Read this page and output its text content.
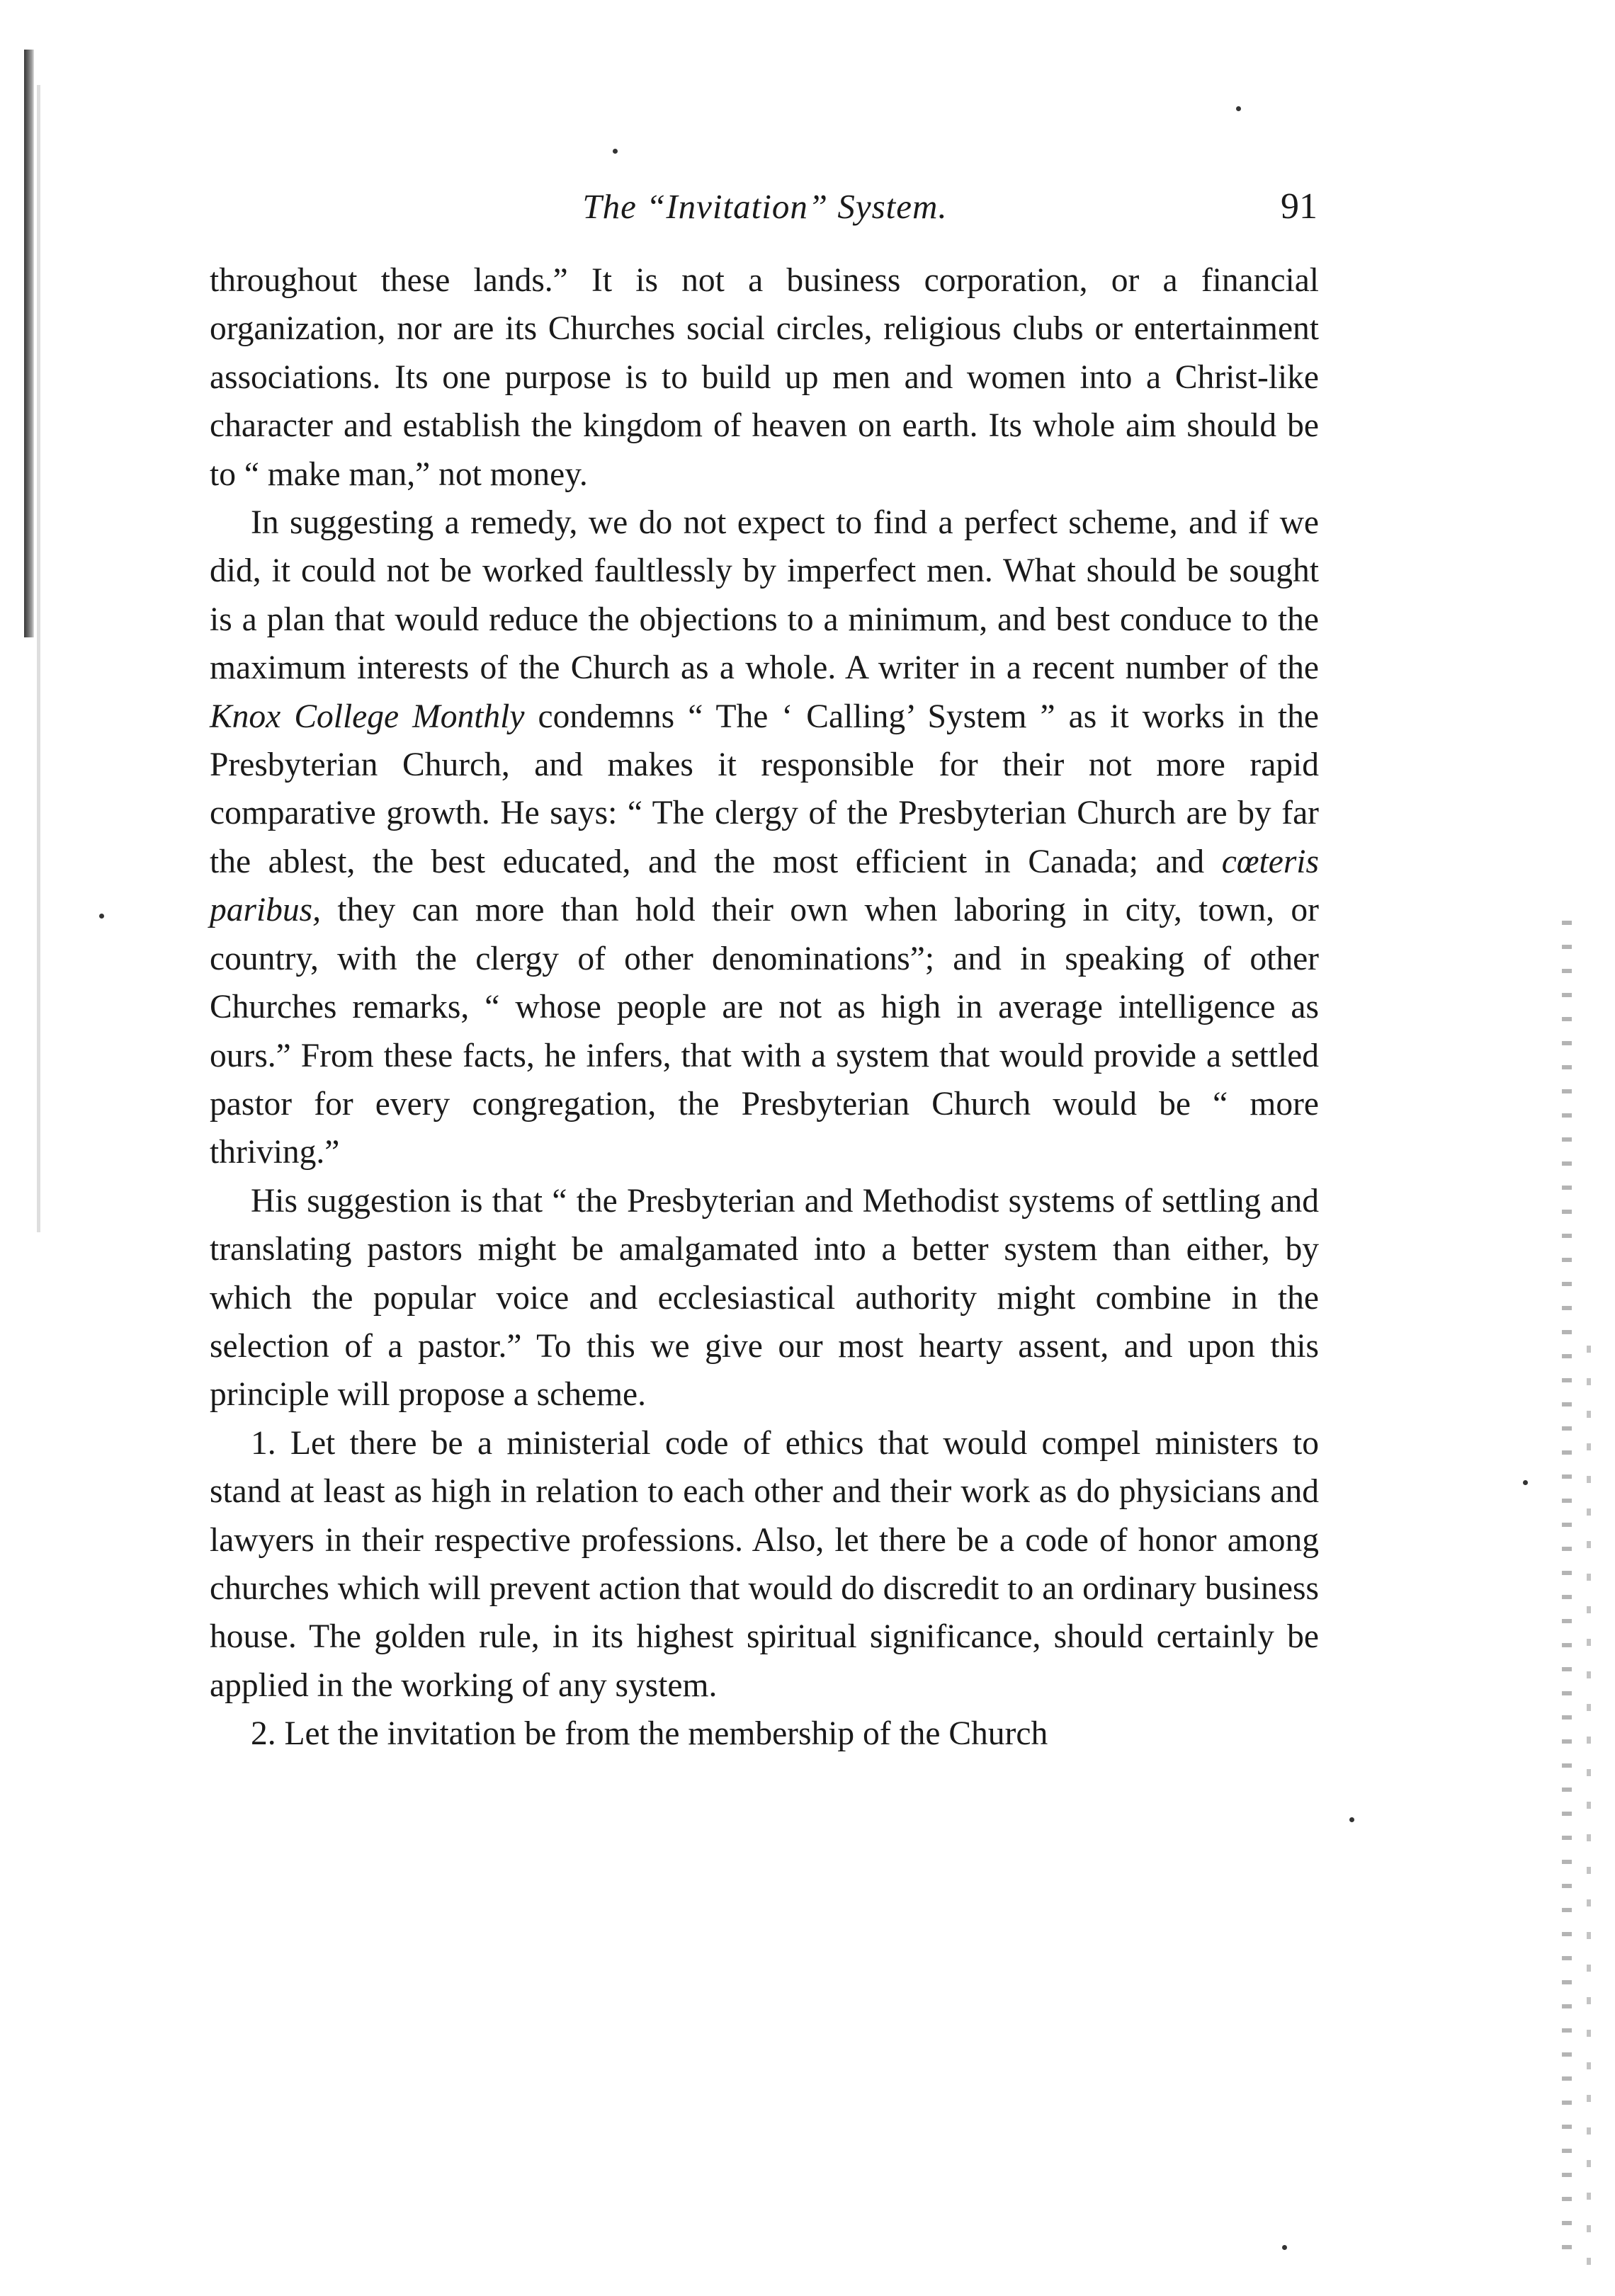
The “Invitation” System.	91

throughout these lands.” It is not a business corporation, or a financial organization, nor are its Churches social circles, religious clubs or entertainment associations. Its one purpose is to build up men and women into a Christ-like character and establish the kingdom of heaven on earth. Its whole aim should be to “ make man,” not money.

In suggesting a remedy, we do not expect to find a perfect scheme, and if we did, it could not be worked faultlessly by imperfect men. What should be sought is a plan that would reduce the objections to a minimum, and best conduce to the maximum interests of the Church as a whole. A writer in a recent number of the Knox College Monthly condemns “ The ‘ Calling’ System ” as it works in the Presbyterian Church, and makes it responsible for their not more rapid comparative growth. He says: “ The clergy of the Presbyterian Church are by far the ablest, the best educated, and the most efficient in Canada; and cœteris paribus, they can more than hold their own when laboring in city, town, or country, with the clergy of other denominations”; and in speaking of other Churches remarks, “ whose people are not as high in average intelligence as ours.” From these facts, he infers, that with a system that would provide a settled pastor for every congregation, the Presbyterian Church would be “ more thriving.”

His suggestion is that “ the Presbyterian and Methodist systems of settling and translating pastors might be amalgamated into a better system than either, by which the popular voice and ecclesiastical authority might combine in the selection of a pastor.” To this we give our most hearty assent, and upon this principle will propose a scheme.

1. Let there be a ministerial code of ethics that would compel ministers to stand at least as high in relation to each other and their work as do physicians and lawyers in their respective professions. Also, let there be a code of honor among churches which will prevent action that would do discredit to an ordinary business house. The golden rule, in its highest spiritual significance, should certainly be applied in the working of any system.

2. Let the invitation be from the membership of the Church
